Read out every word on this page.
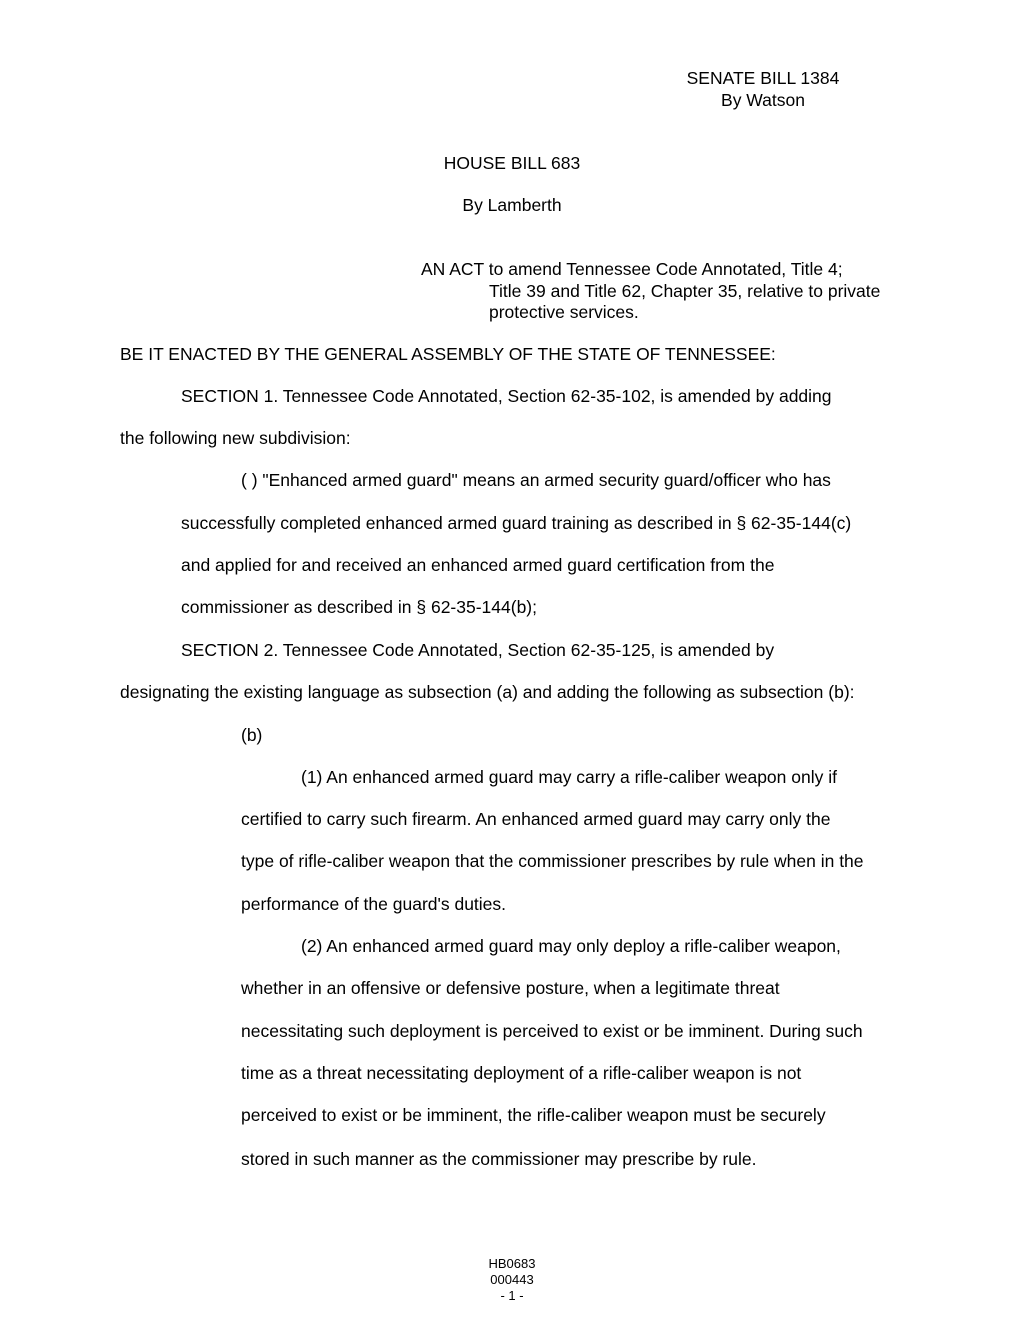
SENATE BILL 1384
By Watson
HOUSE BILL 683
By Lamberth
AN ACT to amend Tennessee Code Annotated, Title 4;
Title 39 and Title 62, Chapter 35, relative to private
protective services.
BE IT ENACTED BY THE GENERAL ASSEMBLY OF THE STATE OF TENNESSEE:
SECTION 1. Tennessee Code Annotated, Section 62-35-102, is amended by adding
the following new subdivision:
( ) "Enhanced armed guard" means an armed security guard/officer who has
successfully completed enhanced armed guard training as described in § 62-35-144(c)
and applied for and received an enhanced armed guard certification from the
commissioner as described in § 62-35-144(b);
SECTION 2. Tennessee Code Annotated, Section 62-35-125, is amended by
designating the existing language as subsection (a) and adding the following as subsection (b):
(b)
(1) An enhanced armed guard may carry a rifle-caliber weapon only if
certified to carry such firearm. An enhanced armed guard may carry only the
type of rifle-caliber weapon that the commissioner prescribes by rule when in the
performance of the guard's duties.
(2) An enhanced armed guard may only deploy a rifle-caliber weapon,
whether in an offensive or defensive posture, when a legitimate threat
necessitating such deployment is perceived to exist or be imminent. During such
time as a threat necessitating deployment of a rifle-caliber weapon is not
perceived to exist or be imminent, the rifle-caliber weapon must be securely
stored in such manner as the commissioner may prescribe by rule.
HB0683
000443
- 1 -
